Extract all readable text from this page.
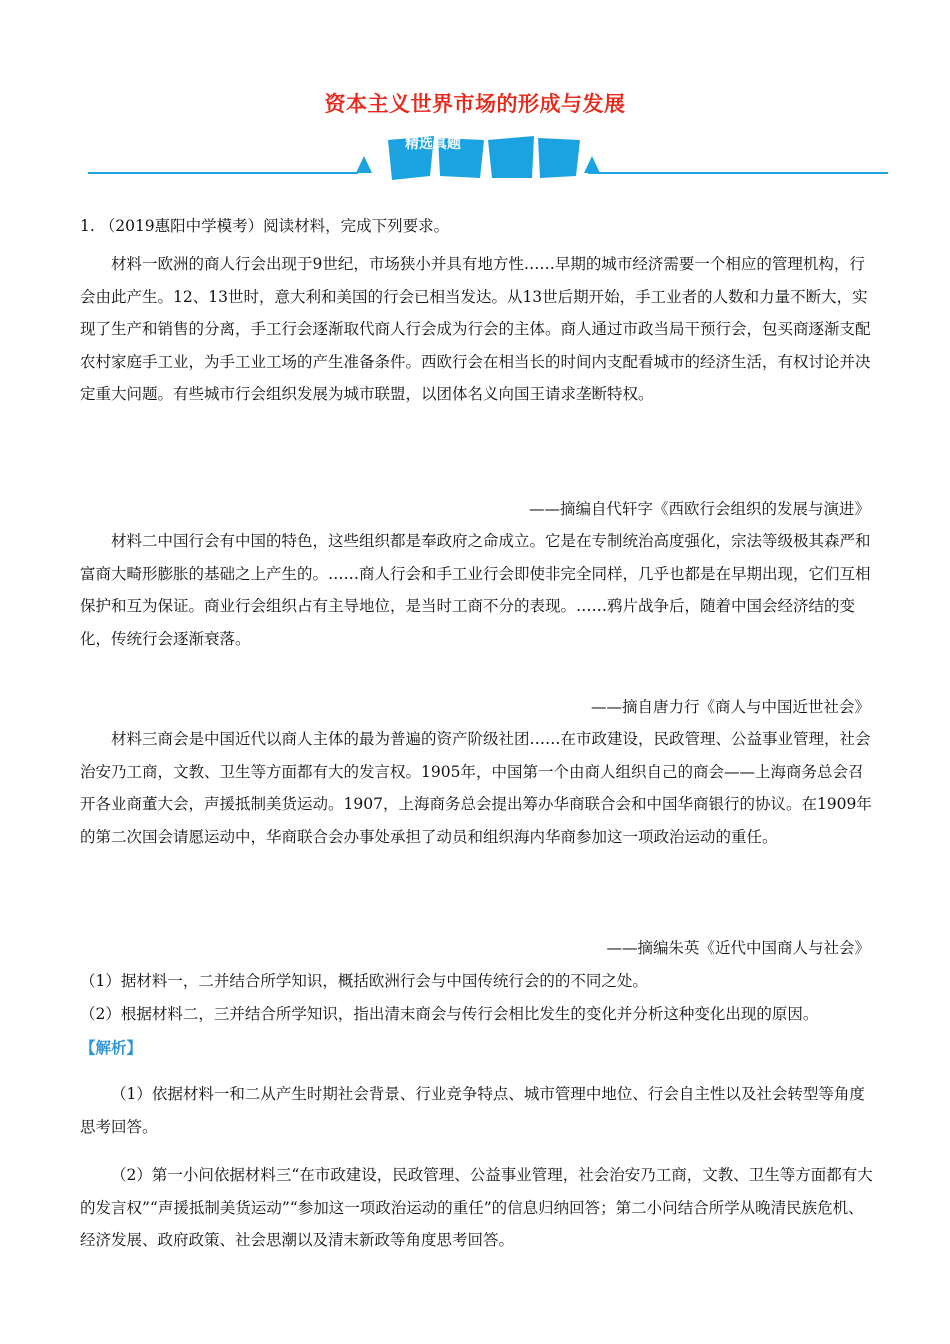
资本主义世界市场的形成与发展
精选真题
1. （2019惠阳中学模考）阅读材料，完成下列要求。
材料一欧洲的商人行会出现于9世纪，市场狭小并具有地方性……早期的城市经济需要一个相应的管理机构，行会由此产生。12、13世时，意大利和美国的行会已相当发达。从13世后期开始，手工业者的人数和力量不断大，实现了生产和销售的分离，手工行会逐渐取代商人行会成为行会的主体。商人通过市政当局干预行会，包买商逐渐支配农村家庭手工业，为手工业工场的产生准备条件。西欧行会在相当长的时间内支配看城市的经济生活，有权讨论并决定重大问题。有些城市行会组织发展为城市联盟，以团体名义向国王请求垄断特权。
——摘编自代轩字《西欧行会组织的发展与演进》
材料二中国行会有中国的特色，这些组织都是奉政府之命成立。它是在专制统治高度强化，宗法等级极其森严和富商大畸形膨胀的基础之上产生的。……商人行会和手工业行会即使非完全同样，几乎也都是在早期出现，它们互相保护和互为保证。商业行会组织占有主导地位，是当时工商不分的表现。……鸦片战争后，随着中国会经济结的变化，传统行会逐渐衰落。
——摘自唐力行《商人与中国近世社会》
材料三商会是中国近代以商人主体的最为普遍的资产阶级社团……在市政建设，民政管理、公益事业管理，社会治安乃工商，文教、卫生等方面都有大的发言权。1905年，中国第一个由商人组织自己的商会——上海商务总会召开各业商董大会，声援抵制美货运动。1907，上海商务总会提出筹办华商联合会和中国华商银行的协议。在1909年的第二次国会请愿运动中，华商联合会办事处承担了动员和组织海内华商参加这一项政治运动的重任。
——摘编朱英《近代中国商人与社会》
（1）据材料一，二并结合所学知识，概括欧洲行会与中国传统行会的的不同之处。
（2）根据材料二，三并结合所学知识，指出清末商会与传行会相比发生的变化并分析这种变化出现的原因。
【解析】
（1）依据材料一和二从产生时期社会背景、行业竞争特点、城市管理中地位、行会自主性以及社会转型等角度思考回答。
（2）第一小问依据材料三“在市政建设，民政管理、公益事业管理，社会治安乃工商，文教、卫生等方面都有大的发言权”“声援抵制美货运动”“参加这一项政治运动的重任”的信息归纳回答；第二小问结合所学从晚清民族危机、经济发展、政府政策、社会思潮以及清末新政等角度思考回答。
